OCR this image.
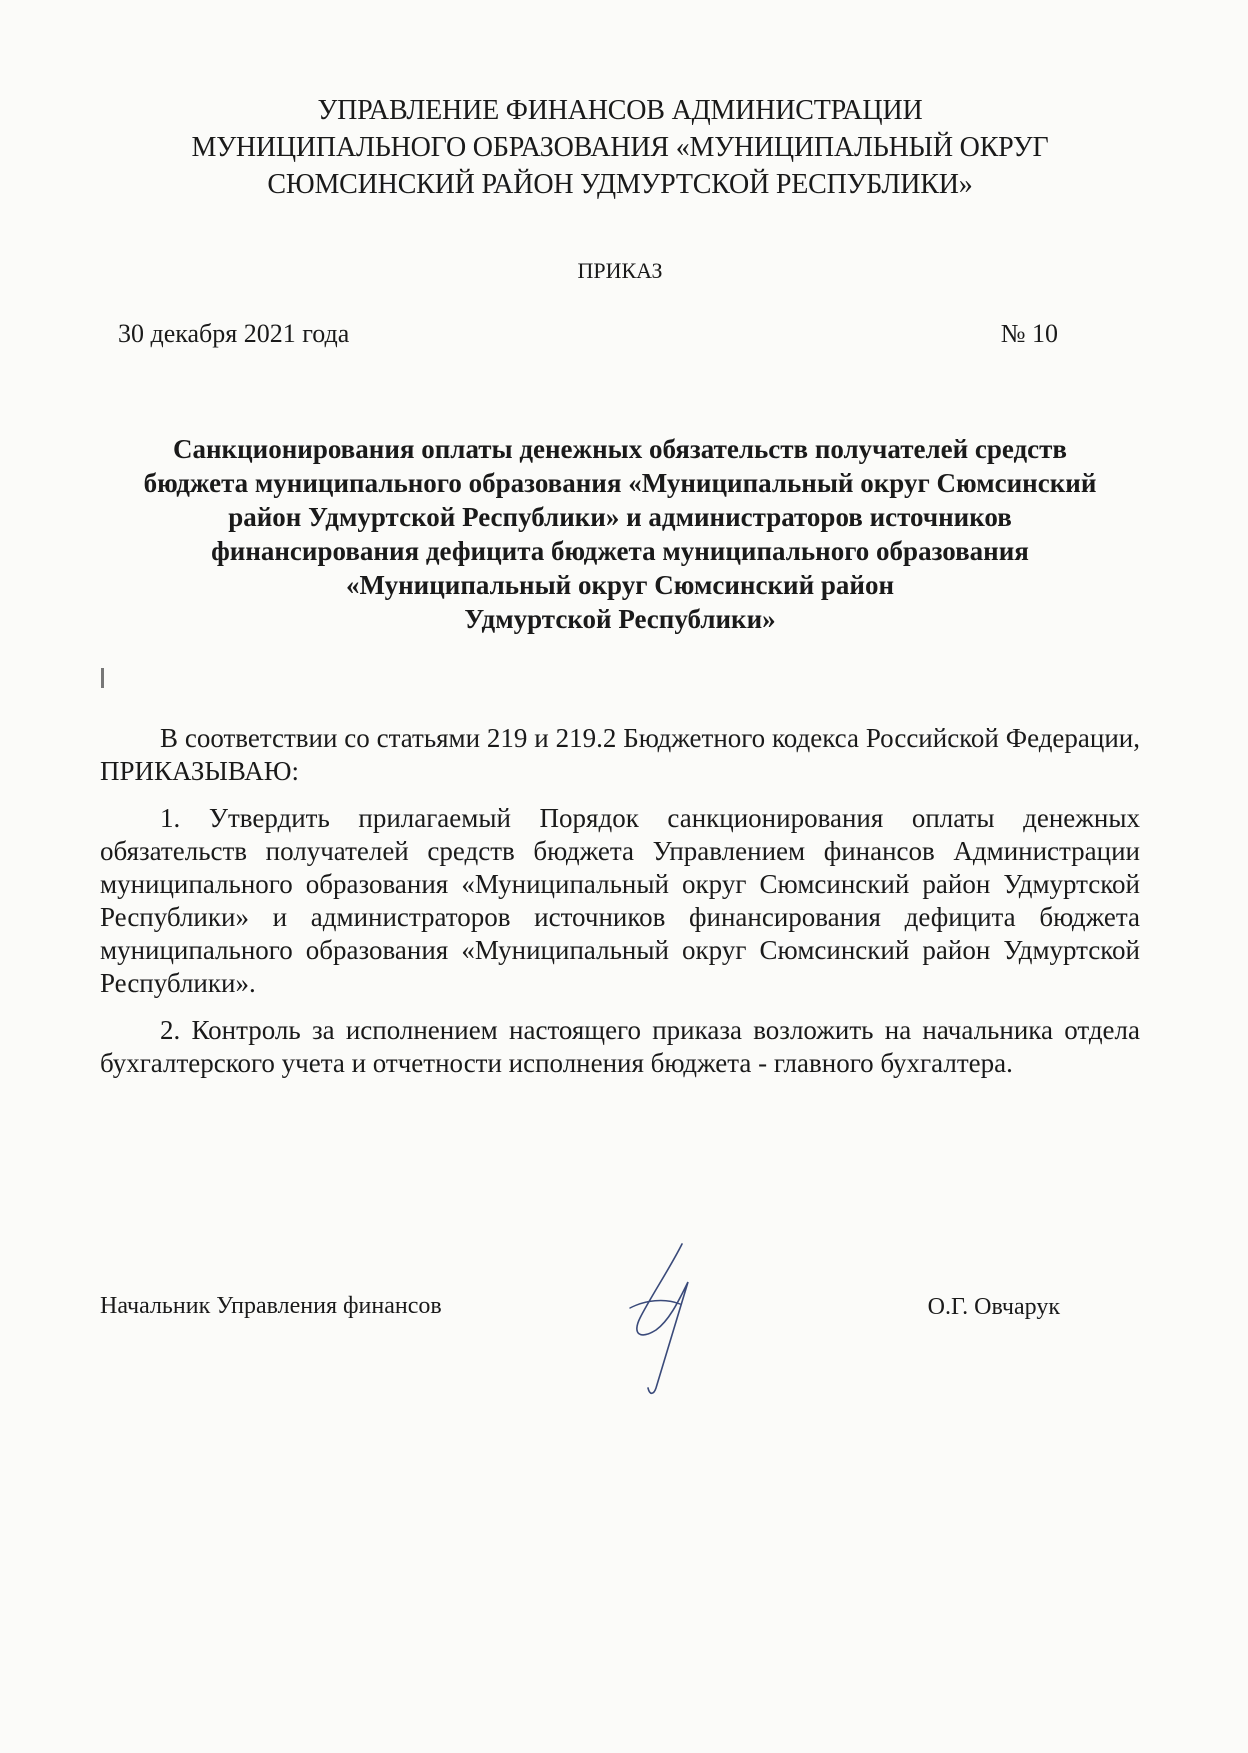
УПРАВЛЕНИЕ ФИНАНСОВ АДМИНИСТРАЦИИ
МУНИЦИПАЛЬНОГО ОБРАЗОВАНИЯ «МУНИЦИПАЛЬНЫЙ ОКРУГ
СЮМСИНСКИЙ РАЙОН УДМУРТСКОЙ РЕСПУБЛИКИ»
ПРИКАЗ
30 декабря 2021 года	№ 10
Санкционирования оплаты денежных обязательств получателей средств
бюджета муниципального образования «Муниципальный округ Сюмсинский
район Удмуртской Республики» и администраторов источников
финансирования дефицита бюджета муниципального образования
«Муниципальный округ Сюмсинский район
Удмуртской Республики»

В соответствии со статьями 219 и 219.2 Бюджетного кодекса Российской Федерации, ПРИКАЗЫВАЮ:

1. Утвердить прилагаемый Порядок санкционирования оплаты денежных обязательств получателей средств бюджета Управлением финансов Администрации муниципального образования «Муниципальный округ Сюмсинский район Удмуртской Республики» и администраторов источников финансирования дефицита бюджета муниципального образования «Муниципальный округ Сюмсинский район Удмуртской Республики».

2. Контроль за исполнением настоящего приказа возложить на начальника отдела бухгалтерского учета и отчетности исполнения бюджета - главного бухгалтера.

Начальник Управления финансов	О.Г. Овчарук
